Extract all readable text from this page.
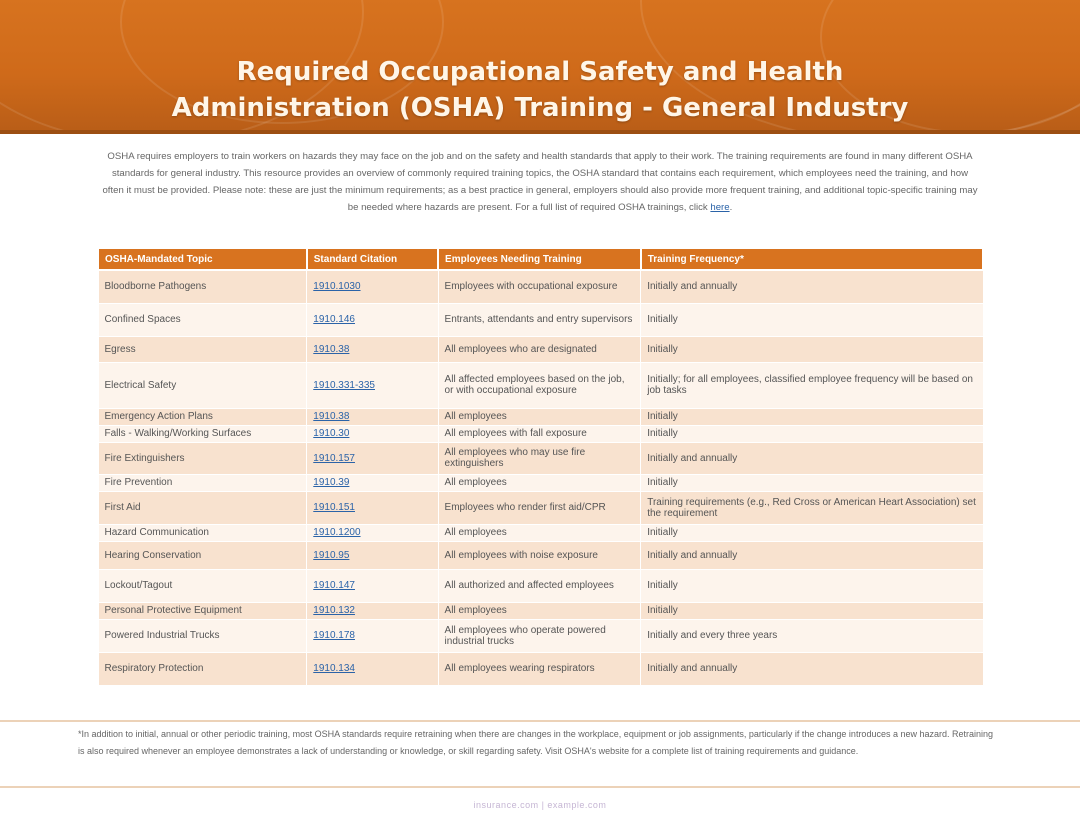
Required Occupational Safety and Health
Administration (OSHA) Training - General Industry
OSHA requires employers to train workers on hazards they may face on the job and on the safety and health standards that apply to their work. The training requirements are found in many different OSHA standards for general industry. This resource provides an overview of commonly required training topics, the OSHA standard that contains each requirement, which employees need the training, and how often it must be provided. Please note: these are just the minimum requirements; as a best practice in general, employers should also provide more frequent training, and additional topic-specific training may be needed where hazards are present. For a full list of required OSHA trainings, click here.
OSHA-Mandated Topic	Standard Citation	Employees Needing Training	Training Frequency*
Bloodborne Pathogens	1910.1030	Employees with occupational exposure	Initially and annually
Confined Spaces	1910.146	Entrants, attendants and entry supervisors	Initially
Egress	1910.38	All employees who are designated	Initially
Electrical Safety	1910.331-335	All affected employees based on the job, or with occupational exposure	Initially; for all employees, classified employee frequency will be based on job tasks
Emergency Action Plans	1910.38	All employees	Initially
Falls - Walking/Working Surfaces	1910.30	All employees with fall exposure	Initially
Fire Extinguishers	1910.157	All employees who may use fire extinguishers	Initially and annually
Fire Prevention	1910.39	All employees	Initially
First Aid	1910.151	Employees who render first aid/CPR	Training requirements (e.g., Red Cross or American Heart Association) set the requirement
Hazard Communication	1910.1200	All employees	Initially
Hearing Conservation	1910.95	All employees with noise exposure	Initially and annually
Lockout/Tagout	1910.147	All authorized and affected employees	Initially
Personal Protective Equipment	1910.132	All employees	Initially
Powered Industrial Trucks	1910.178	All employees who operate powered industrial trucks	Initially and every three years
Respiratory Protection	1910.134	All employees wearing respirators	Initially and annually
*In addition to initial, annual or other periodic training, most OSHA standards require retraining when there are changes in the workplace, equipment or job assignments, particularly if the change introduces a new hazard. Retraining is also required whenever an employee demonstrates a lack of understanding or knowledge, or skill regarding safety. Visit OSHA's website for a complete list of training requirements and guidance.
insurance.com | example.com
